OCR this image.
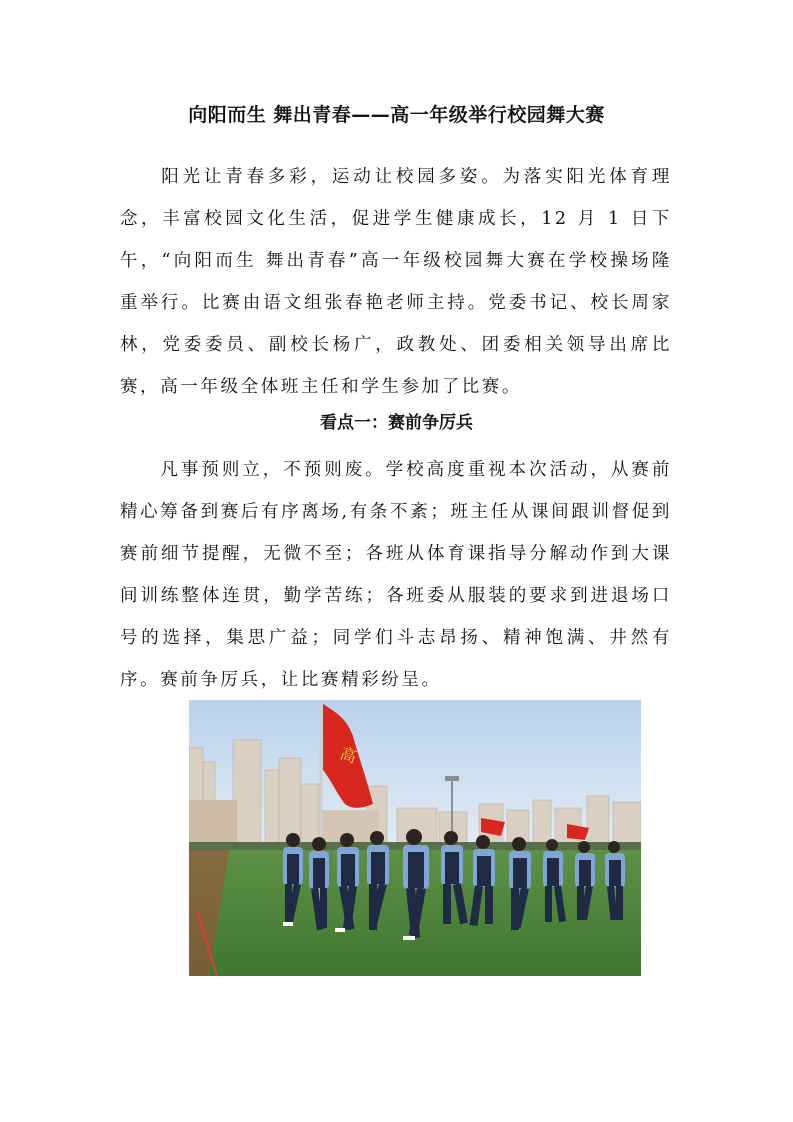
向阳而生 舞出青春——高一年级举行校园舞大赛
阳光让青春多彩，运动让校园多姿。为落实阳光体育理念，丰富校园文化生活，促进学生健康成长，12 月 1 日下午，“向阳而生 舞出青春”高一年级校园舞大赛在学校操场隆重举行。比赛由语文组张春艳老师主持。党委书记、校长周家林，党委委员、副校长杨广，政教处、团委相关领导出席比赛，高一年级全体班主任和学生参加了比赛。
看点一：赛前争厉兵
凡事预则立，不预则废。学校高度重视本次活动，从赛前精心筹备到赛后有序离场,有条不紊；班主任从课间跟训督促到赛前细节提醒，无微不至；各班从体育课指导分解动作到大课间训练整体连贯，勤学苦练；各班委从服装的要求到进退场口号的选择，集思广益；同学们斗志昂扬、精神饱满、井然有序。赛前争厉兵，让比赛精彩纷呈。
高
